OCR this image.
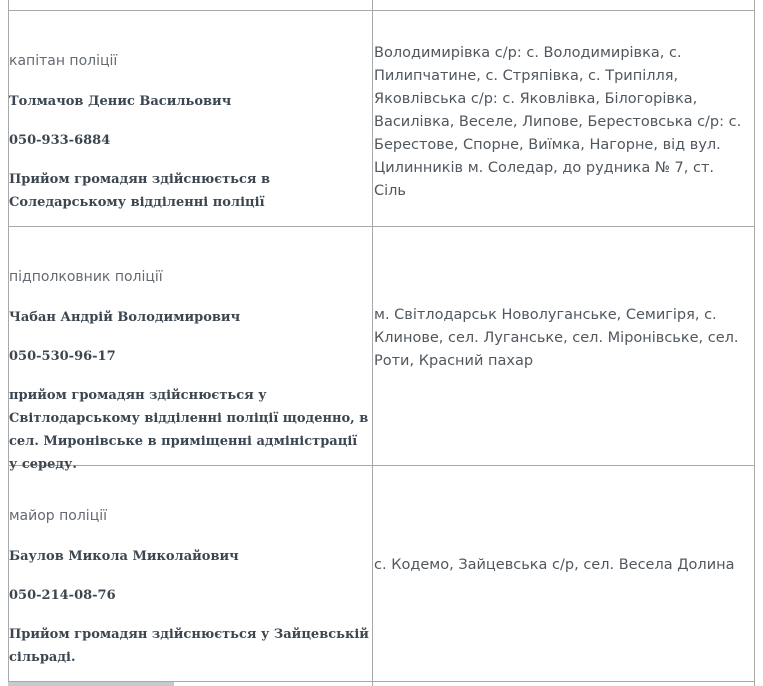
капітан поліції

Толмачов Денис Васильович

050-933-6884

Прийом громадян здійснюється в Соледарському відділенні поліції

Володимирівка с/р: с. Володимирівка, с. Пилипчатине, с. Стряпівка, с. Трипілля, Яковлівська с/р: с. Яковлівка, Білогорівка, Василівка, Веселе, Липове, Берестовська с/р: с. Берестове, Спорне, Виїмка, Нагорне, від вул. Цилинників м. Соледар, до рудника № 7, ст. Сіль

підполковник поліції

Чабан Андрій Володимирович

050-530-96-17

прийом громадян здійснюється у Світлодарському відділенні поліції щоденно, в сел. Миронівське в приміщенні адміністрації у середу.

м. Світлодарськ Новолуганське, Семигіря, с. Клинове, сел. Луганське, сел. Міронівське, сел. Роти, Красний пахар

майор поліції

Баулов Микола Миколайович

050-214-08-76

Прийом громадян здійснюється у Зайцевській сільраді.

с. Кодемо, Зайцевська с/р, сел. Весела Долина
